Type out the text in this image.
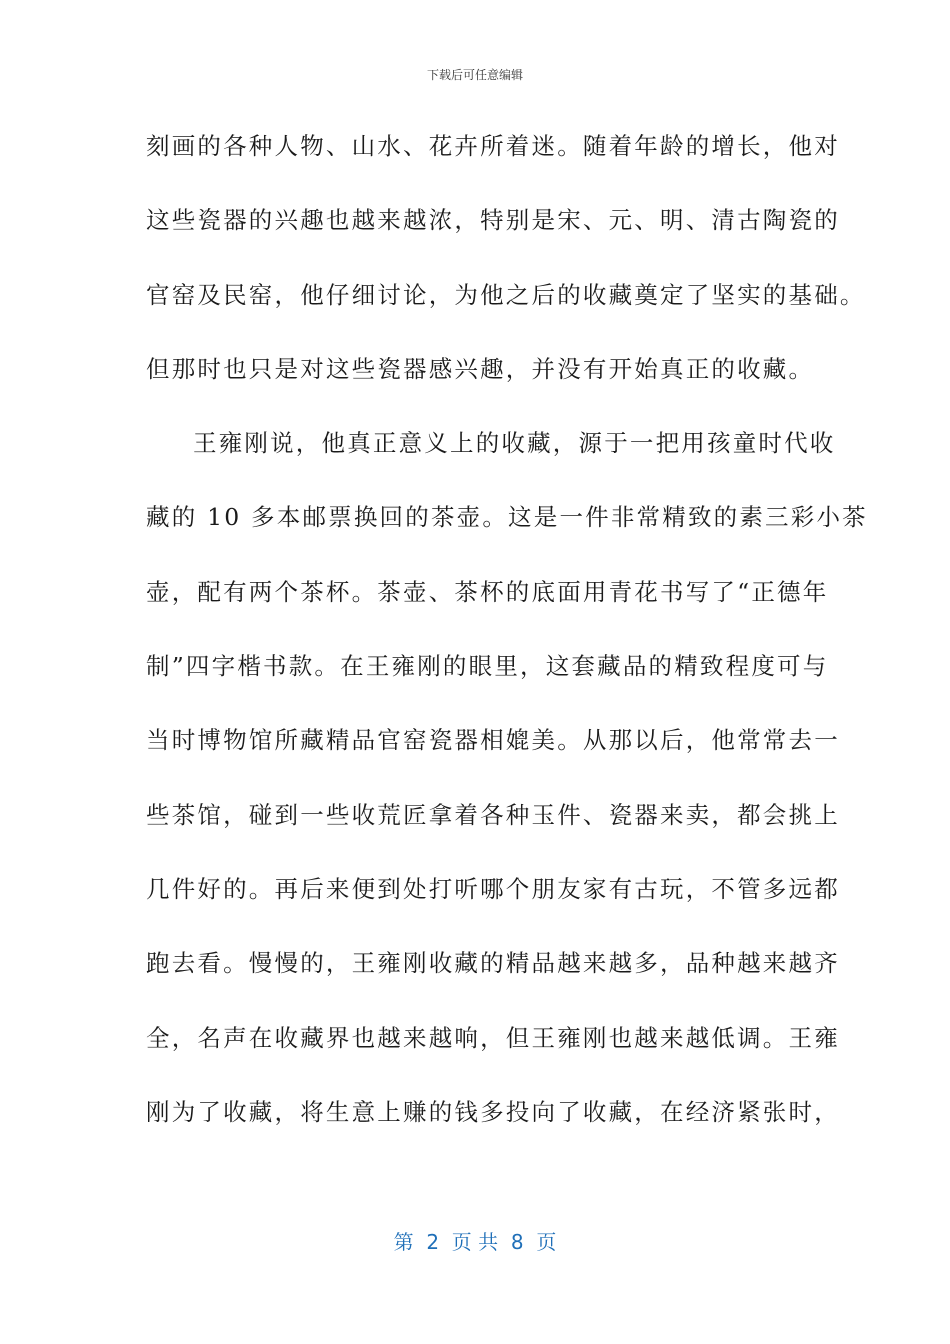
下载后可任意编辑
刻画的各种人物、山水、花卉所着迷。随着年龄的增长，他对
这些瓷器的兴趣也越来越浓，特别是宋、元、明、清古陶瓷的
官窑及民窑，他仔细讨论，为他之后的收藏奠定了坚实的基础。
但那时也只是对这些瓷器感兴趣，并没有开始真正的收藏。
王雍刚说，他真正意义上的收藏，源于一把用孩童时代收
藏的 10 多本邮票换回的茶壶。这是一件非常精致的素三彩小茶
壶，配有两个茶杯。茶壶、茶杯的底面用青花书写了“正德年
制”四字楷书款。在王雍刚的眼里，这套藏品的精致程度可与
当时博物馆所藏精品官窑瓷器相媲美。从那以后，他常常去一
些茶馆，碰到一些收荒匠拿着各种玉件、瓷器来卖，都会挑上
几件好的。再后来便到处打听哪个朋友家有古玩，不管多远都
跑去看。慢慢的，王雍刚收藏的精品越来越多，品种越来越齐
全，名声在收藏界也越来越响，但王雍刚也越来越低调。王雍
刚为了收藏，将生意上赚的钱多投向了收藏，在经济紧张时，
第  2  页 共  8  页
